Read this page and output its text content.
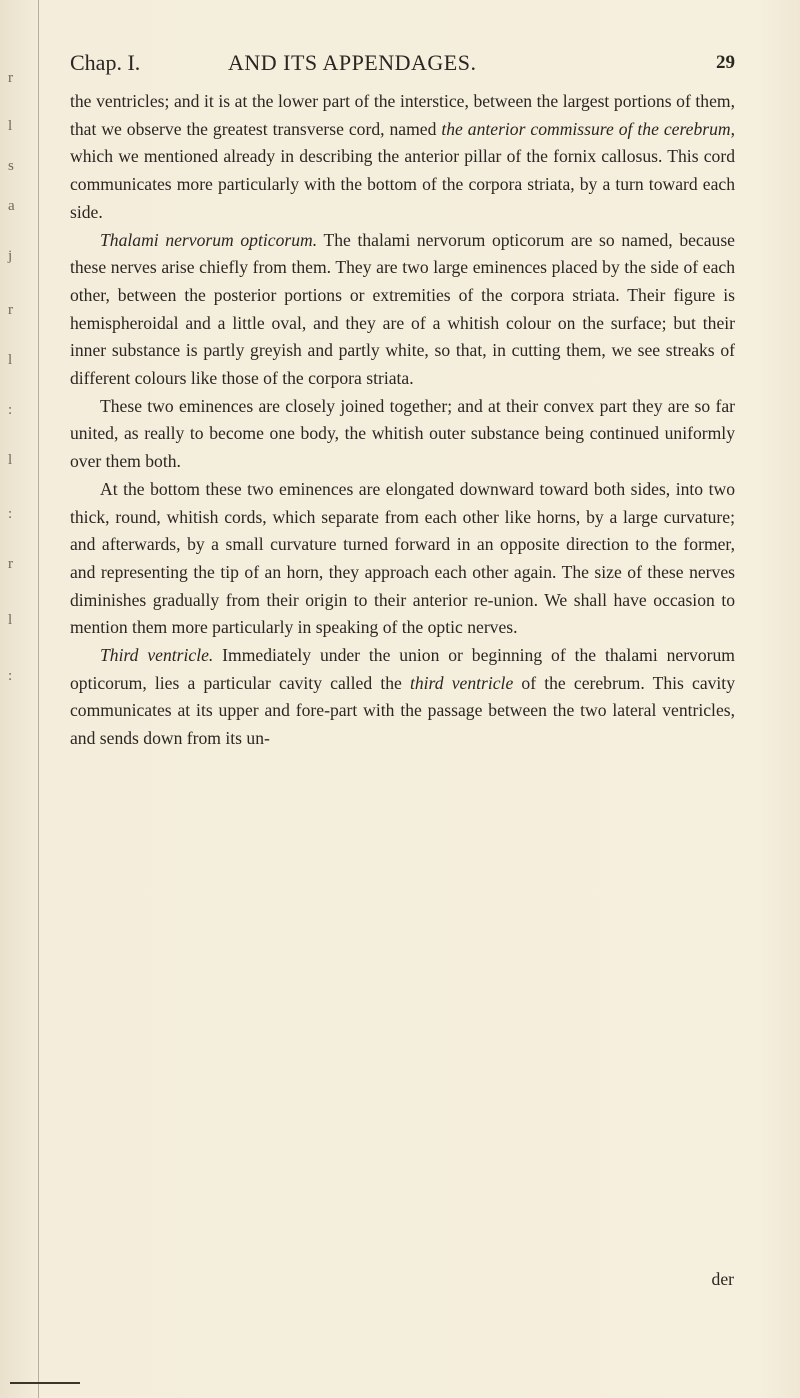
r
l
s
a
j
r
l
:
l
:
r
l
:
Chap. I.	AND ITS APPENDAGES.	29

the ventricles; and it is at the lower part of the interstice, between the largest portions of them, that we observe the greatest transverse cord, named the anterior commissure of the cerebrum, which we mentioned already in describing the anterior pillar of the fornix callosus. This cord communicates more particularly with the bottom of the corpora striata, by a turn toward each side.

Thalami nervorum opticorum. The thalami nervorum opticorum are so named, because these nerves arise chiefly from them. They are two large eminences placed by the side of each other, between the posterior portions or extremities of the corpora striata. Their figure is hemispheroidal and a little oval, and they are of a whitish colour on the surface; but their inner substance is partly greyish and partly white, so that, in cutting them, we see streaks of different colours like those of the corpora striata.

These two eminences are closely joined together; and at their convex part they are so far united, as really to become one body, the whitish outer substance being continued uniformly over them both.

At the bottom these two eminences are elongated downward toward both sides, into two thick, round, whitish cords, which separate from each other like horns, by a large curvature; and afterwards, by a small curvature turned forward in an opposite direction to the former, and representing the tip of an horn, they approach each other again. The size of these nerves diminishes gradually from their origin to their anterior re-union. We shall have occasion to mention them more particularly in speaking of the optic nerves.

Third ventricle. Immediately under the union or beginning of the thalami nervorum opticorum, lies a particular cavity called the third ventricle of the cerebrum. This cavity communicates at its upper and fore-part with the passage between the two lateral ventricles, and sends down from its un-

der
